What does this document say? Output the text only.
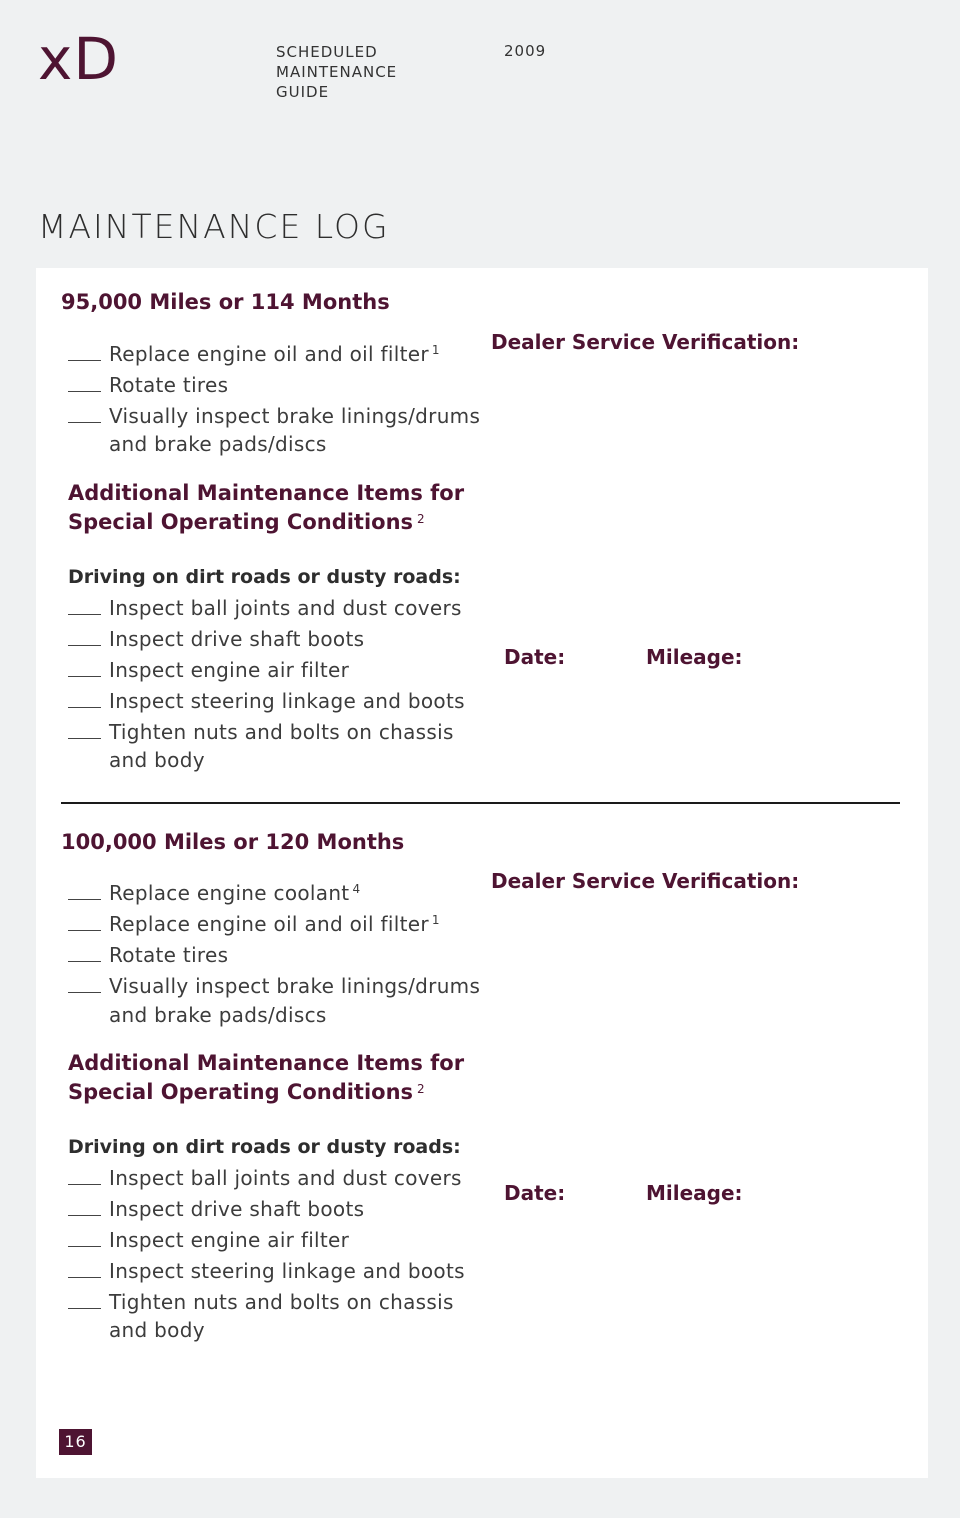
xD	SCHEDULED
MAINTENANCE
GUIDE
2009
MAINTENANCE LOG
95,000 Miles or 114 Months
Replace engine oil and oil filter $^1$
Rotate tires
Visually inspect brake linings/drums
and brake pads/discs
Additional Maintenance Items for
Special Operating Conditions $^2$
Driving on dirt roads or dusty roads:
Inspect ball joints and dust covers
Inspect drive shaft boots
Inspect engine air filter
Inspect steering linkage and boots
Tighten nuts and bolts on chassis
and body
Dealer Service Verification:
Date:	Mileage:
100,000 Miles or 120 Months
Replace engine coolant $^4$
Replace engine oil and oil filter $^1$
Rotate tires
Visually inspect brake linings/drums
and brake pads/discs
Additional Maintenance Items for
Special Operating Conditions $^2$
Driving on dirt roads or dusty roads:
Inspect ball joints and dust covers
Inspect drive shaft boots
Inspect engine air filter
Inspect steering linkage and boots
Tighten nuts and bolts on chassis
and body
Dealer Service Verification:
Date:	Mileage:
16
